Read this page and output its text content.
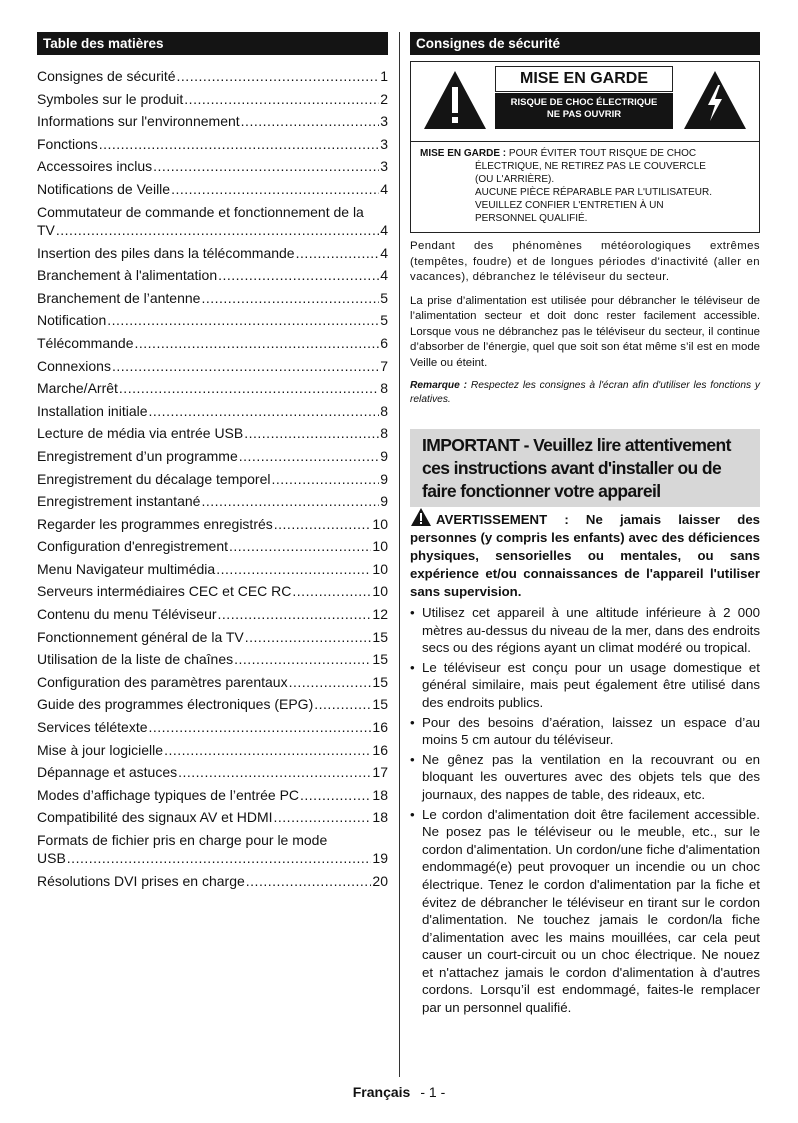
Table des matières
Consignes de sécurité .....	1
Symboles sur le produit .....	2
Informations sur l'environnement .....	3
Fonctions .....	3
Accessoires inclus .....	3
Notifications de Veille .....	4
Commutateur de commande et fonctionnement de la
TV .....	4
Insertion des piles dans la télécommande .....	4
Branchement à l'alimentation .....	4
Branchement de l’antenne .....	5
Notification .....	5
Télécommande .....	6
Connexions .....	7
Marche/Arrêt .....	8
Installation initiale .....	8
Lecture de média via entrée USB .....	8
Enregistrement d’un programme .....	9
Enregistrement du décalage temporel .....	9
Enregistrement instantané .....	9
Regarder les programmes enregistrés .....	10
Configuration d'enregistrement .....	10
Menu Navigateur multimédia .....	10
Serveurs intermédiaires CEC et CEC RC .....	10
Contenu du menu Téléviseur .....	12
Fonctionnement général de la TV .....	15
Utilisation de la liste de chaînes .....	15
Configuration des paramètres parentaux .....	15
Guide des programmes électroniques (EPG) .....	15
Services télétexte .....	16
Mise à jour logicielle .....	16
Dépannage et astuces .....	17
Modes d’affichage typiques de l’entrée PC .....	18
Compatibilité des signaux AV et HDMI .....	18
Formats de fichier pris en charge pour le mode
USB .....	19
Résolutions DVI prises en charge .....	20
Consignes de sécurité
MISE EN GARDE
RISQUE DE CHOC ÉLECTRIQUE
NE PAS OUVRIR
MISE EN GARDE : POUR ÉVITER TOUT RISQUE DE CHOC
ÉLECTRIQUE, NE RETIREZ PAS LE COUVERCLE
(OU L'ARRIÈRE).
AUCUNE PIÈCE RÉPARABLE PAR L'UTILISATEUR.
VEUILLEZ CONFIER L'ENTRETIEN À UN
PERSONNEL QUALIFIÉ.

Pendant des phénomènes météorologiques extrêmes (tempêtes, foudre) et de longues périodes d'inactivité (aller en vacances), débranchez le téléviseur du secteur.

La prise d’alimentation est utilisée pour débrancher le téléviseur de l’alimentation secteur et doit donc rester facilement accessible. Lorsque vous ne débranchez pas le téléviseur du secteur, il continue d’absorber de l’énergie, quel que soit son état même s’il est en mode Veille ou éteint.

Remarque : Respectez les consignes à l'écran afin d'utiliser les fonctions y relatives.

IMPORTANT - Veuillez lire attentivement ces instructions avant d'installer ou de faire fonctionner votre appareil
AVERTISSEMENT : Ne jamais laisser des personnes (y compris les enfants) avec des déficiences physiques, sensorielles ou mentales, ou sans expérience et/ou connaissances de l'appareil l'utiliser sans supervision.
• Utilisez cet appareil à une altitude inférieure à 2 000 mètres au-dessus du niveau de la mer, dans des endroits secs ou des régions ayant un climat modéré ou tropical.
• Le téléviseur est conçu pour un usage domestique et général similaire, mais peut également être utilisé dans des endroits publics.
• Pour des besoins d’aération, laissez un espace d’au moins 5 cm autour du téléviseur.
• Ne gênez pas la ventilation en la recouvrant ou en bloquant les ouvertures avec des objets tels que des journaux, des nappes de table, des rideaux, etc.
• Le cordon d'alimentation doit être facilement accessible. Ne posez pas le téléviseur ou le meuble, etc., sur le cordon d'alimentation. Un cordon/une fiche d'alimentation endommagé(e) peut provoquer un incendie ou un choc électrique. Tenez le cordon d'alimentation par la fiche et évitez de débrancher le téléviseur en tirant sur le cordon d'alimentation. Ne touchez jamais le cordon/la fiche d’alimentation avec les mains mouillées, car cela peut causer un court-circuit ou un choc électrique. Ne nouez et n'attachez jamais le cordon d'alimentation à d'autres cordons. Lorsqu’il est endommagé, faites-le remplacer par un personnel qualifié.
Français - 1 -
